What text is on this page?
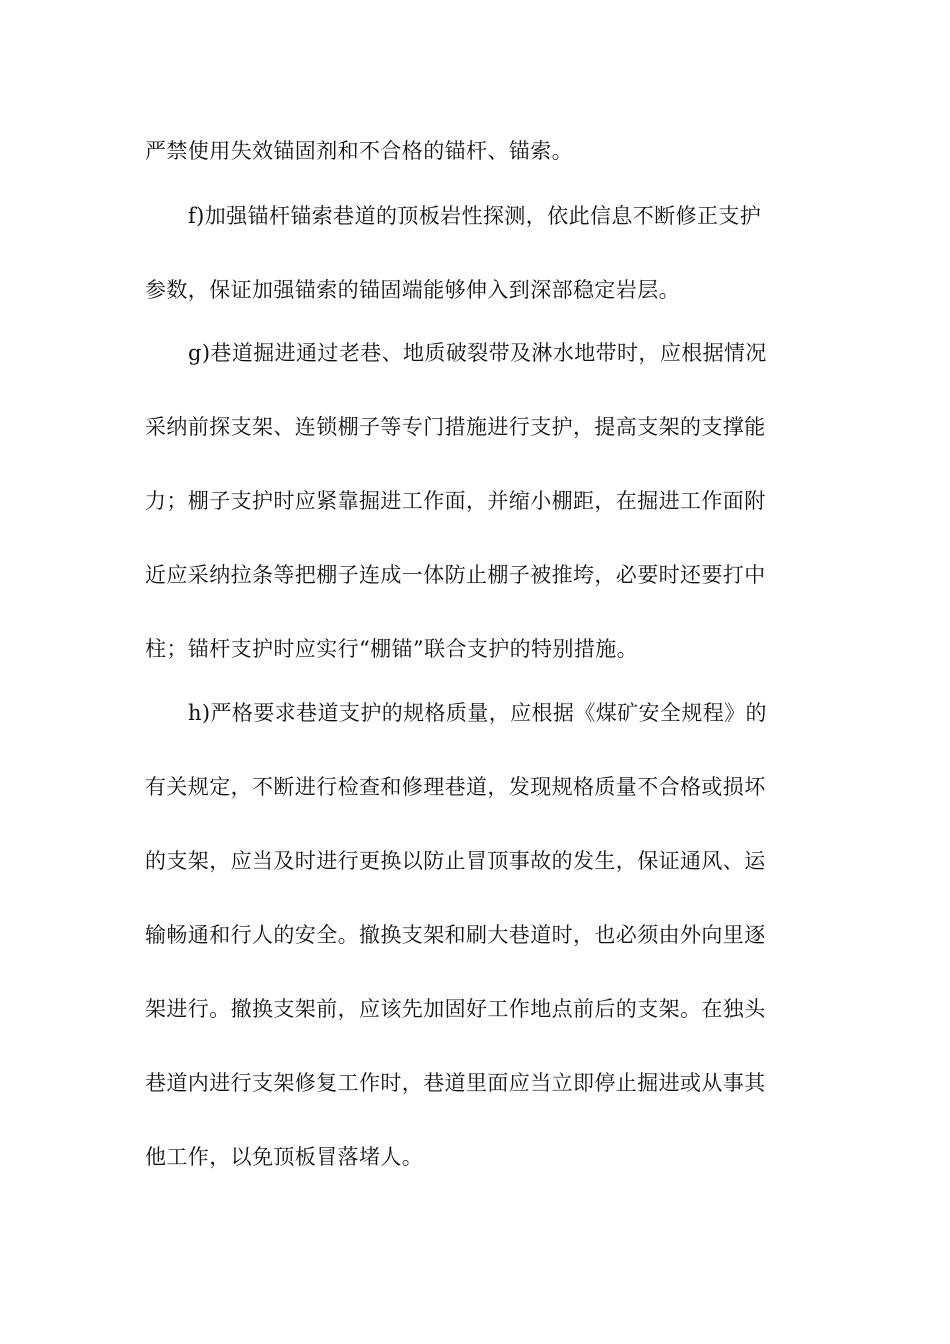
严禁使用失效锚固剂和不合格的锚杆、锚索。
f)加强锚杆锚索巷道的顶板岩性探测，依此信息不断修正支护
参数，保证加强锚索的锚固端能够伸入到深部稳定岩层。
g)巷道掘进通过老巷、地质破裂带及淋水地带时，应根据情况
采纳前探支架、连锁棚子等专门措施进行支护，提高支架的支撑能
力；棚子支护时应紧靠掘进工作面，并缩小棚距，在掘进工作面附
近应采纳拉条等把棚子连成一体防止棚子被推垮，必要时还要打中
柱；锚杆支护时应实行“棚锚”联合支护的特别措施。
h)严格要求巷道支护的规格质量，应根据《煤矿安全规程》的
有关规定，不断进行检查和修理巷道，发现规格质量不合格或损坏
的支架，应当及时进行更换以防止冒顶事故的发生，保证通风、运
输畅通和行人的安全。撤换支架和刷大巷道时，也必须由外向里逐
架进行。撤换支架前，应该先加固好工作地点前后的支架。在独头
巷道内进行支架修复工作时，巷道里面应当立即停止掘进或从事其
他工作，以免顶板冒落堵人。
